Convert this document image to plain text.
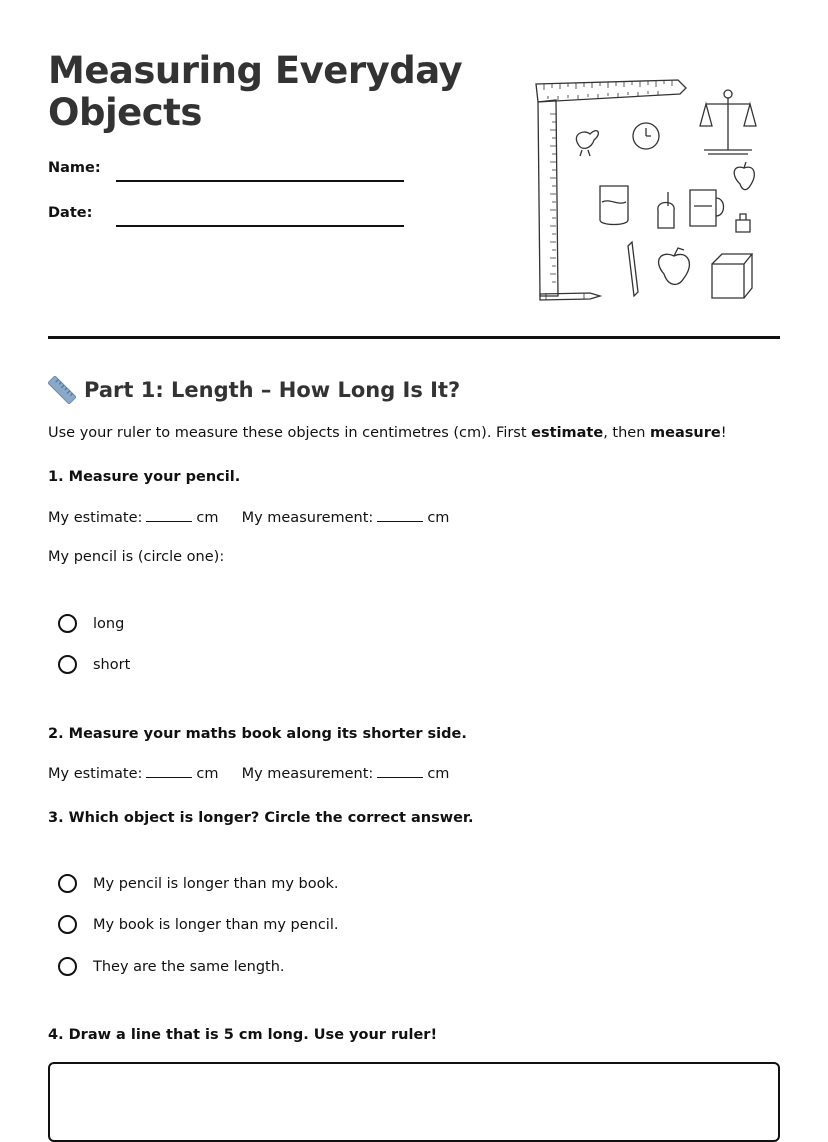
Measuring Everyday Objects
Name:
Date:
Part 1: Length – How Long Is It?
Use your ruler to measure these objects in centimetres (cm). First estimate, then measure!
1. Measure your pencil.
My estimate:	cm My measurement:	cm
My pencil is (circle one):
long
short
2. Measure your maths book along its shorter side.
My estimate:	cm My measurement:	cm
3. Which object is longer? Circle the correct answer.
My pencil is longer than my book.
My book is longer than my pencil.
They are the same length.
4. Draw a line that is 5 cm long. Use your ruler!
